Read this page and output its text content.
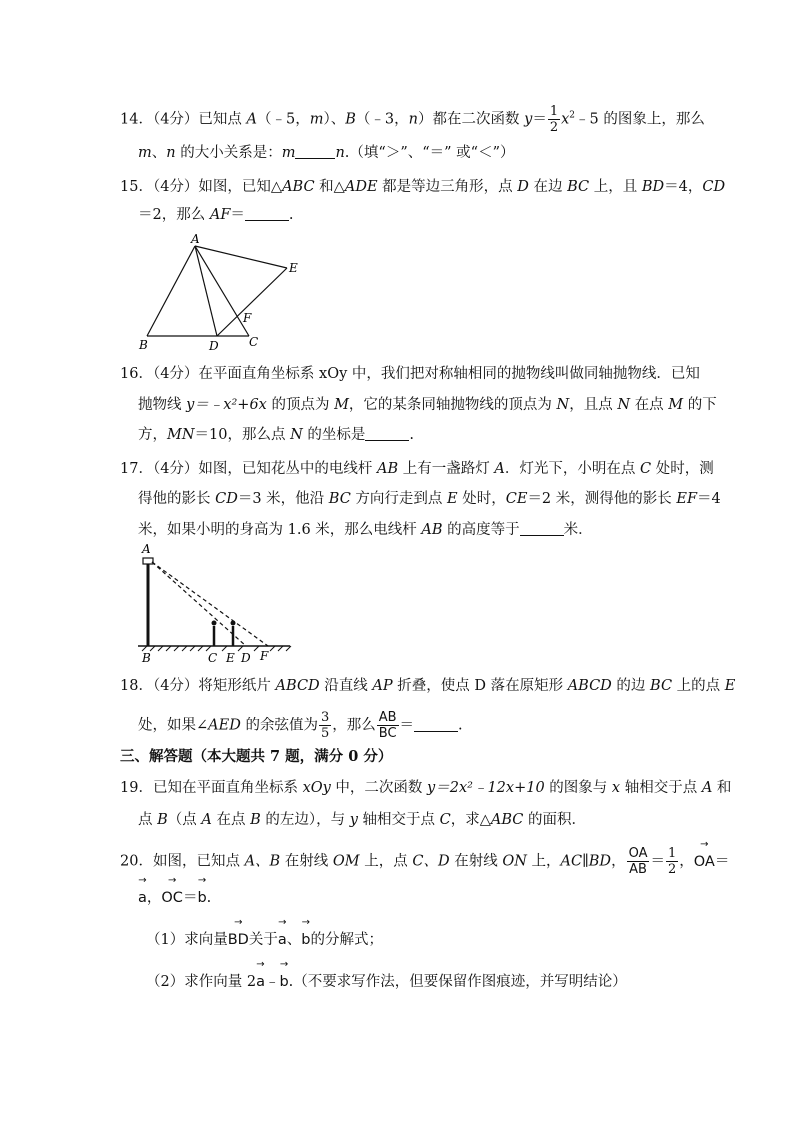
14．（4分）已知点 A（﹣5，m）、B（﹣3，n）都在二次函数 $y= \frac{1}{2}$ $x^2﹣5$ 的图象上，那么
m、n 的大小关系是：m	n.（填“＞”、“＝” 或“＜”）
15．（4分）如图，已知△ABC 和△ADE 都是等边三角形，点 D 在边 BC 上，且 BD＝4，CD
＝2，那么 AF＝	.
A
B	C
D
E
F
16．（4分）在平面直角坐标系 xOy 中，我们把对称轴相同的抛物线叫做同轴抛物线．已知
抛物线 y＝﹣x²+6x 的顶点为 M，它的某条同轴抛物线的顶点为 N，且点 N 在点 M 的下
方，MN＝10，那么点 N 的坐标是	.
17．（4分）如图，已知花丛中的电线杆 AB 上有一盏路灯 A．灯光下，小明在点 C 处时，测
得他的影长 CD＝3 米，他沿 BC 方向行走到点 E 处时，CE＝2 米，测得他的影长 EF＝4
米，如果小明的身高为 1.6 米，那么电线杆 AB 的高度等于	米．
A
B	C E D F
18．（4分）将矩形纸片 ABCD 沿直线 AP 折叠，使点 D 落在原矩形 ABCD 的边 BC 上的点 E
处，如果∠AED 的余弦值为 $\frac{3}{5}$ ，那么 $\frac{AB}{BC}$ ＝	.
三、解答题（本大题共 7 题，满分 0 分）
19．已知在平面直角坐标系 xOy 中，二次函数 y＝2x²﹣12x+10 的图象与 x 轴相交于点 A 和
点 B（点 A 在点 B 的左边），与 y 轴相交于点 C，求△ABC 的面积．
20．如图，已知点 A、B 在射线 OM 上，点 C、D 在射线 ON 上，AC∥BD， $\frac{OA}{AB} = \frac{1}{2}$ ，→ OA＝
→ a，→ OC＝→ b.
（1）求向量→ BD关于→ a、→ b的分解式；
（2）求作向量 2→ a﹣→ b.（不要求写作法，但要保留作图痕迹，并写明结论）
